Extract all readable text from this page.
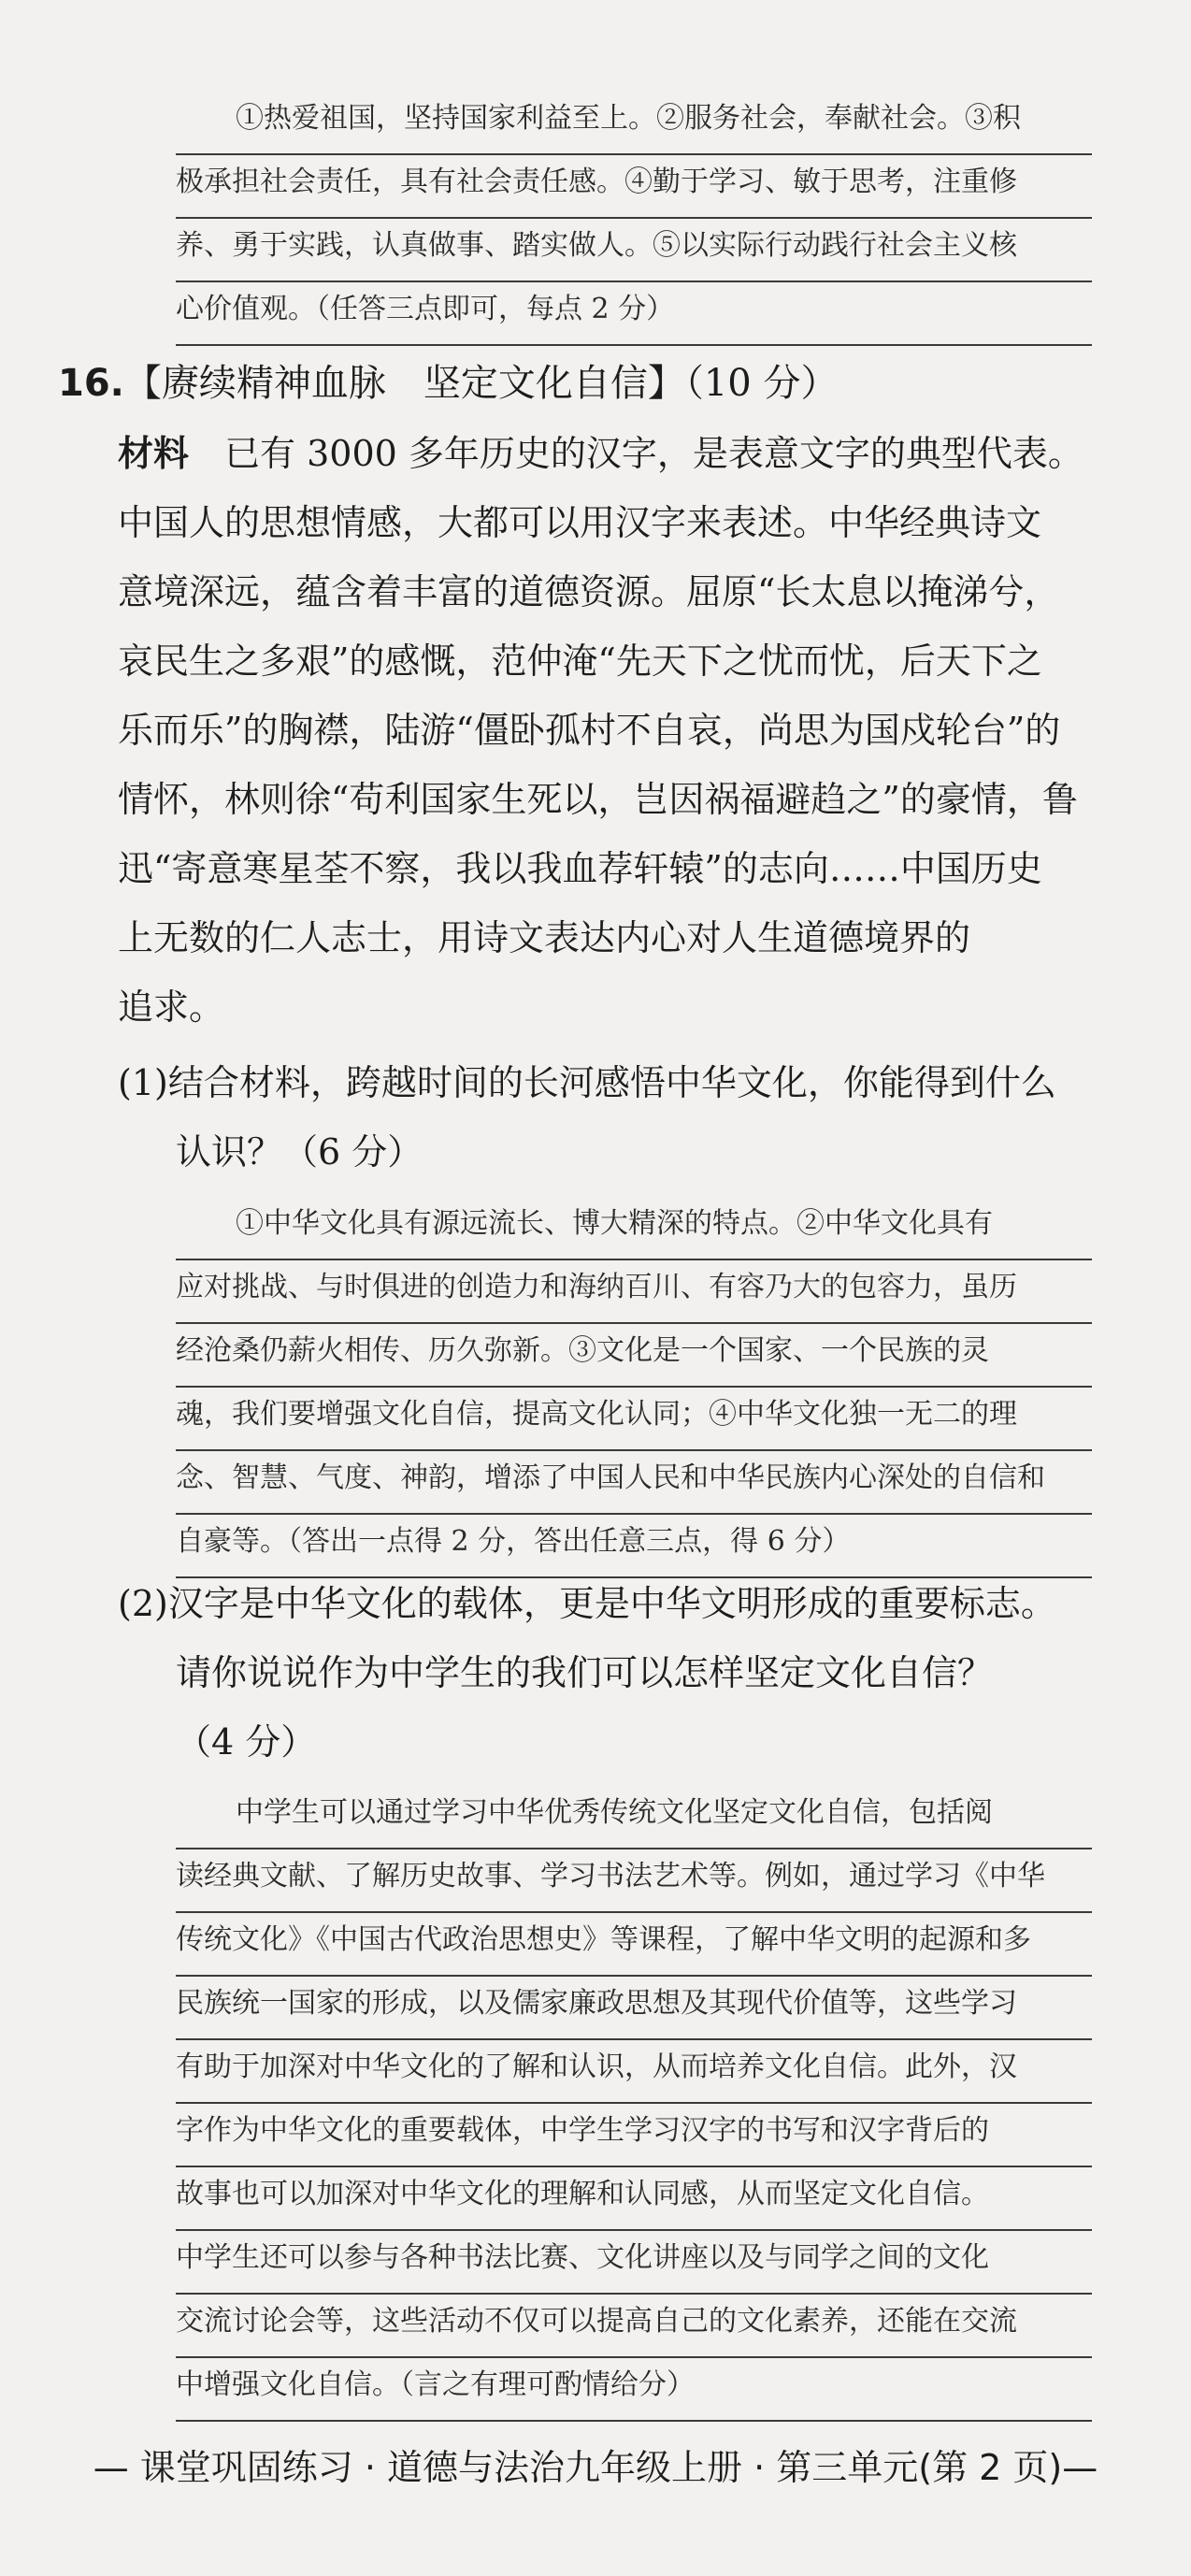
①热爱祖国，坚持国家利益至上。②服务社会，奉献社会。③积
极承担社会责任，具有社会责任感。④勤于学习、敏于思考，注重修
养、勇于实践，认真做事、踏实做人。⑤以实际行动践行社会主义核
心价值观。（任答三点即可，每点 2 分）
16.【赓续精神血脉　坚定文化自信】（10 分）
材料　已有 3000 多年历史的汉字，是表意文字的典型代表。
中国人的思想情感，大都可以用汉字来表述。中华经典诗文
意境深远，蕴含着丰富的道德资源。屈原“长太息以掩涕兮，
哀民生之多艰”的感慨，范仲淹“先天下之忧而忧，后天下之
乐而乐”的胸襟，陆游“僵卧孤村不自哀，尚思为国戍轮台”的
情怀，林则徐“苟利国家生死以，岂因祸福避趋之”的豪情，鲁
迅“寄意寒星荃不察，我以我血荐轩辕”的志向……中国历史
上无数的仁人志士，用诗文表达内心对人生道德境界的
追求。
(1)结合材料，跨越时间的长河感悟中华文化，你能得到什么
认识？（6 分）
①中华文化具有源远流长、博大精深的特点。②中华文化具有
应对挑战、与时俱进的创造力和海纳百川、有容乃大的包容力，虽历
经沧桑仍薪火相传、历久弥新。③文化是一个国家、一个民族的灵
魂，我们要增强文化自信，提高文化认同；④中华文化独一无二的理
念、智慧、气度、神韵，增添了中国人民和中华民族内心深处的自信和
自豪等。（答出一点得 2 分，答出任意三点，得 6 分）
(2)汉字是中华文化的载体，更是中华文明形成的重要标志。
请你说说作为中学生的我们可以怎样坚定文化自信？
（4 分）
中学生可以通过学习中华优秀传统文化坚定文化自信，包括阅
读经典文献、了解历史故事、学习书法艺术等。例如，通过学习《中华
传统文化》《中国古代政治思想史》等课程，了解中华文明的起源和多
民族统一国家的形成，以及儒家廉政思想及其现代价值等，这些学习
有助于加深对中华文化的了解和认识，从而培养文化自信。此外，汉
字作为中华文化的重要载体，中学生学习汉字的书写和汉字背后的
故事也可以加深对中华文化的理解和认同感，从而坚定文化自信。
中学生还可以参与各种书法比赛、文化讲座以及与同学之间的文化
交流讨论会等，这些活动不仅可以提高自己的文化素养，还能在交流
中增强文化自信。（言之有理可酌情给分）
— 课堂巩固练习 · 道德与法治九年级上册 · 第三单元(第 2 页)—
